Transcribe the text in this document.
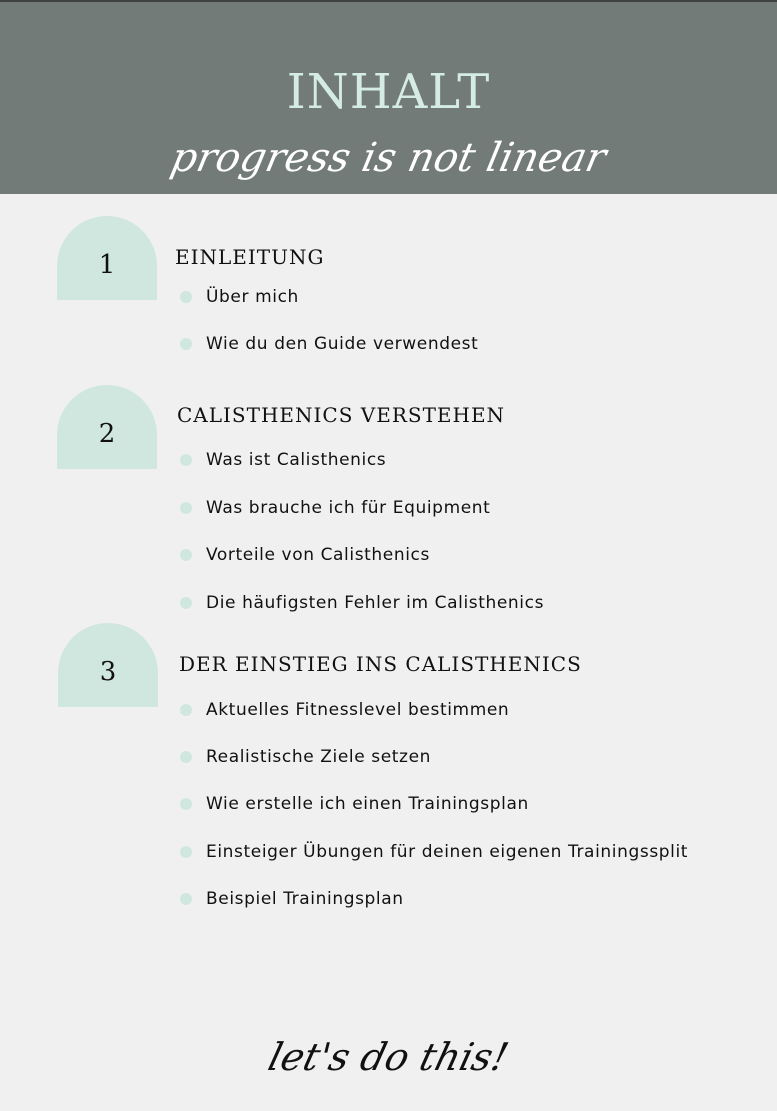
INHALT
progress is not linear
1	EINLEITUNG
Über mich
Wie du den Guide verwendest
2
CALISTHENICS VERSTEHEN
Was ist Calisthenics
Was brauche ich für Equipment
Vorteile von Calisthenics
Die häufigsten Fehler im Calisthenics
3	DER EINSTIEG INS CALISTHENICS
Aktuelles Fitnesslevel bestimmen
Realistische Ziele setzen
Wie erstelle ich einen Trainingsplan
Einsteiger Übungen für deinen eigenen Trainingssplit
Beispiel Trainingsplan
let's do this!
